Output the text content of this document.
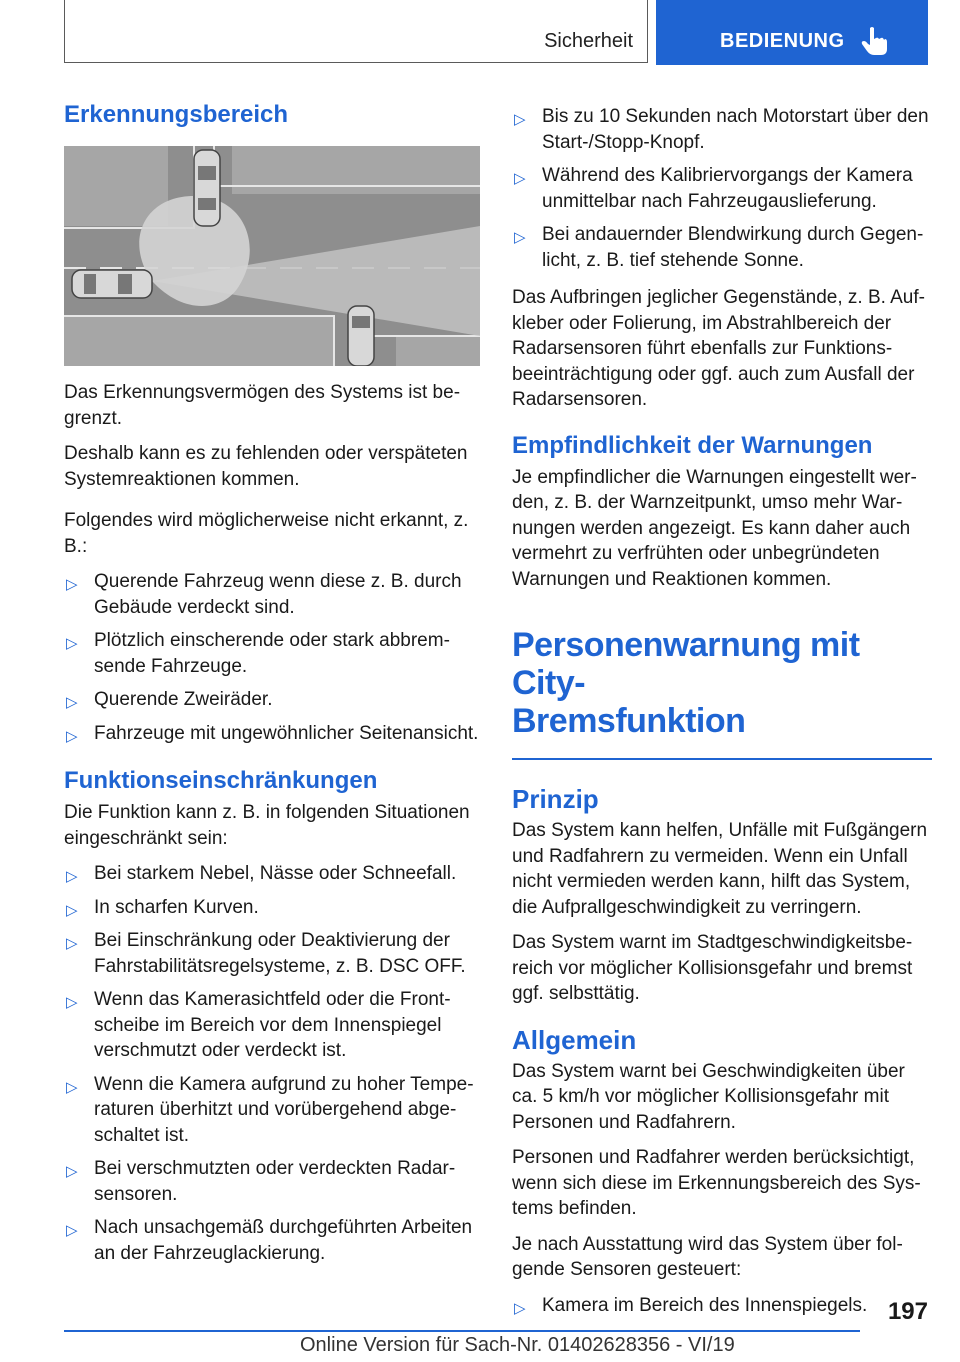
Sicherheit	BEDIENUNG
Erkennungsbereich

Das Erkennungsvermögen des Systems ist begrenzt.

Deshalb kann es zu fehlenden oder verspäteten Systemreaktionen kommen.

Folgendes wird möglicherweise nicht erkannt, z. B.:

▷ Querende Fahrzeug wenn diese z. B. durch Gebäude verdeckt sind.
▷ Plötzlich einscherende oder stark abbremsende Fahrzeuge.
▷ Querende Zweiräder.
▷ Fahrzeuge mit ungewöhnlicher Seitenansicht.
Funktionseinschränkungen

Die Funktion kann z. B. in folgenden Situationen eingeschränkt sein:

▷ Bei starkem Nebel, Nässe oder Schneefall.
▷ In scharfen Kurven.
▷ Bei Einschränkung oder Deaktivierung der Fahrstabilitätsregelsysteme, z. B. DSC OFF.
▷ Wenn das Kamerasichtfeld oder die Frontscheibe im Bereich vor dem Innenspiegel verschmutzt oder verdeckt ist.
▷ Wenn die Kamera aufgrund zu hoher Temperaturen überhitzt und vorübergehend abgeschaltet ist.
▷ Bei verschmutzten oder verdeckten Radarsensoren.
▷ Nach unsachgemäß durchgeführten Arbeiten an der Fahrzeuglackierung.
▷ Bis zu 10 Sekunden nach Motorstart über den Start-/Stopp-Knopf.
▷ Während des Kalibriervorgangs der Kamera unmittelbar nach Fahrzeugauslieferung.
▷ Bei andauernder Blendwirkung durch Gegenlicht, z. B. tief stehende Sonne.

Das Aufbringen jeglicher Gegenstände, z. B. Aufkleber oder Folierung, im Abstrahlbereich der Radarsensoren führt ebenfalls zur Funktionsbeeinträchtigung oder ggf. auch zum Ausfall der Radarsensoren.

Empfindlichkeit der Warnungen

Je empfindlicher die Warnungen eingestellt werden, z. B. der Warnzeitpunkt, umso mehr Warnungen werden angezeigt. Es kann daher auch vermehrt zu verfrühten oder unbegründeten Warnungen und Reaktionen kommen.

Personenwarnung mit City-
Bremsfunktion
Prinzip

Das System kann helfen, Unfälle mit Fußgängern und Radfahrern zu vermeiden. Wenn ein Unfall nicht vermieden werden kann, hilft das System, die Aufprallgeschwindigkeit zu verringern.

Das System warnt im Stadtgeschwindigkeitsbereich vor möglicher Kollisionsgefahr und bremst ggf. selbsttätig.

Allgemein

Das System warnt bei Geschwindigkeiten über ca. 5 km/h vor möglicher Kollisionsgefahr mit Personen und Radfahrern.

Personen und Radfahrer werden berücksichtigt, wenn sich diese im Erkennungsbereich des Systems befinden.

Je nach Ausstattung wird das System über folgende Sensoren gesteuert:

▷ Kamera im Bereich des Innenspiegels. 197
Online Version für Sach-Nr. 01402628356 - VI/19
